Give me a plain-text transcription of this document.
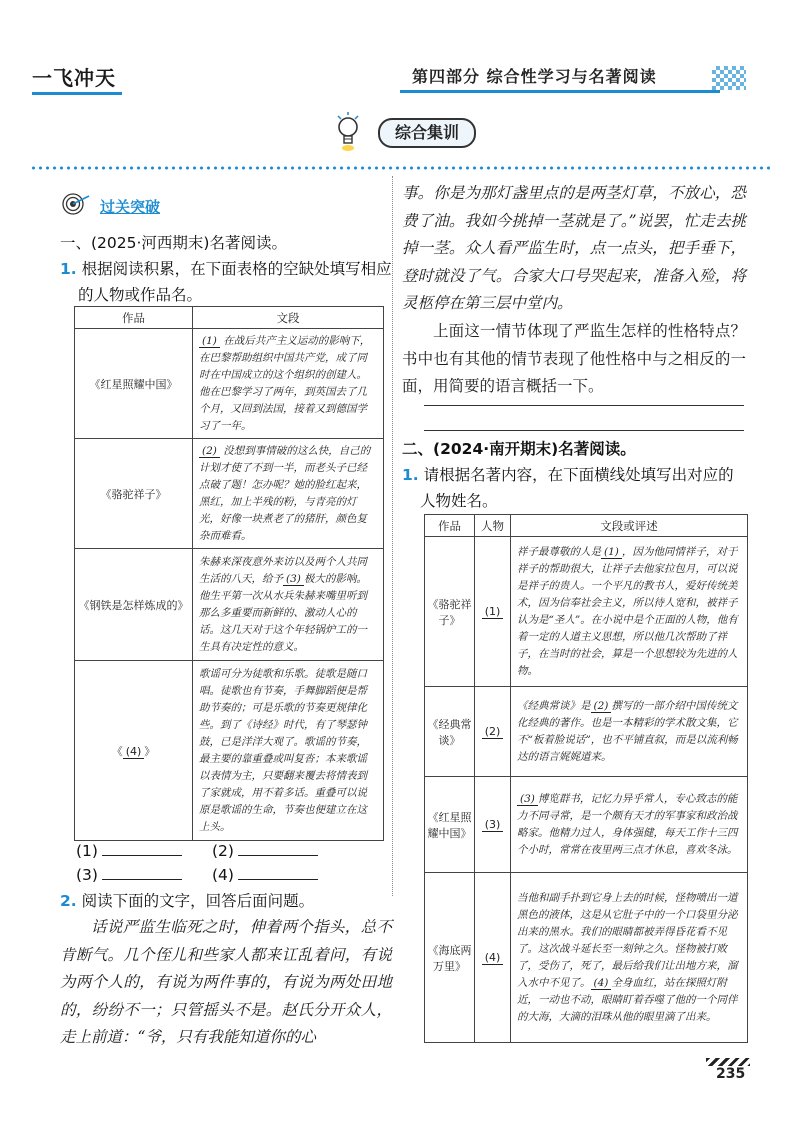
一飞冲天	第四部分 综合性学习与名著阅读
综合集训
过关突破
一、(2025·河西期末)名著阅读。
1. 根据阅读积累，在下面表格的空缺处填写相应
的人物或作品名。
作品	文段
《红星照耀中国》	(1) 在战后共产主义运动的影响下，在巴黎帮助组织中国共产党，成了同时在中国成立的这个组织的创建人。他在巴黎学习了两年，到英国去了几个月，又回到法国，接着又到德国学习了一年。
《骆驼祥子》	(2) 没想到事情破的这么快，自己的计划才使了不到一半，而老头子已经点破了题！怎办呢？她的脸红起来，黑红，加上半残的粉，与青亮的灯光，好像一块煮老了的猪肝，颜色复杂而难看。
《钢铁是怎样炼成的》	朱赫来深夜意外来访以及两个人共同生活的八天，给予 (3) 极大的影响。他生平第一次从水兵朱赫来嘴里听到那么多重要而新鲜的、激动人心的话。这几天对于这个年轻锅炉工的一生具有决定性的意义。
《 (4) 》	歌谣可分为徒歌和乐歌。徒歌是随口唱。徒歌也有节奏，手舞脚蹈便是帮助节奏的；可是乐歌的节奏更规律化些。到了《诗经》时代，有了琴瑟钟鼓，已是洋洋大观了。歌谣的节奏，最主要的靠重叠或叫复沓；本来歌谣以表情为主，只要翻来覆去将情表到了家就成，用不着多话。重叠可以说原是歌谣的生命，节奏也便建立在这上头。
(1)	(2)
(3)	(4)
2. 阅读下面的文字，回答后面问题。
话说严监生临死之时，伸着两个指头，总不肯断气。几个侄儿和些家人都来讧乱着问，有说为两个人的，有说为两件事的，有说为两处田地的，纷纷不一；只管摇头不是。赵氏分开众人，走上前道：“爷，只有我能知道你的心
事。你是为那灯盏里点的是两茎灯草，不放心，恐费了油。我如今挑掉一茎就是了。”说罢，忙走去挑掉一茎。众人看严监生时，点一点头，把手垂下，登时就没了气。合家大口号哭起来，准备入殓，将灵柩停在第三层中堂内。
上面这一情节体现了严监生怎样的性格特点？书中也有其他的情节表现了他性格中与之相反的一面，用简要的语言概括一下。
二、(2024·南开期末)名著阅读。
1. 请根据名著内容，在下面横线处填写出对应的
人物姓名。
作品	人物	文段或评述
《骆驼祥子》	(1)	祥子最尊敬的人是 (1) ，因为他同情祥子，对于祥子的帮助很大，让祥子去他家拉包月，可以说是祥子的贵人。一个平凡的教书人，爱好传统美术，因为信奉社会主义，所以待人宽和，被祥子认为是“圣人”。在小说中是个正面的人物，他有着一定的人道主义思想，所以他几次帮助了祥子，在当时的社会，算是一个思想较为先进的人物。
《经典常谈》	(2)	《经典常谈》是 (2) 撰写的一部介绍中国传统文化经典的著作。也是一本精彩的学术散文集，它不“板着脸说话”，也不平铺直叙，而是以流利畅达的语言娓娓道来。
《红星照耀中国》	(3)	(3) 博览群书，记忆力异乎常人，专心致志的能力不同寻常，是一个颇有天才的军事家和政治战略家。他精力过人，身体强健，每天工作十三四个小时，常常在夜里两三点才休息，喜欢冬泳。
《海底两万里》	(4)	当他和副手扑到它身上去的时候，怪物喷出一道黑色的液体，这是从它肚子中的一个口袋里分泌出来的黑水。我们的眼睛都被弄得昏花看不见了。这次战斗延长至一刻钟之久。怪物被打败了，受伤了，死了，最后给我们让出地方来，溜入水中不见了。 (4) 全身血红，站在探照灯附近，一动也不动，眼睛盯着吞噬了他的一个同伴的大海，大滴的泪珠从他的眼里滴了出来。
235
